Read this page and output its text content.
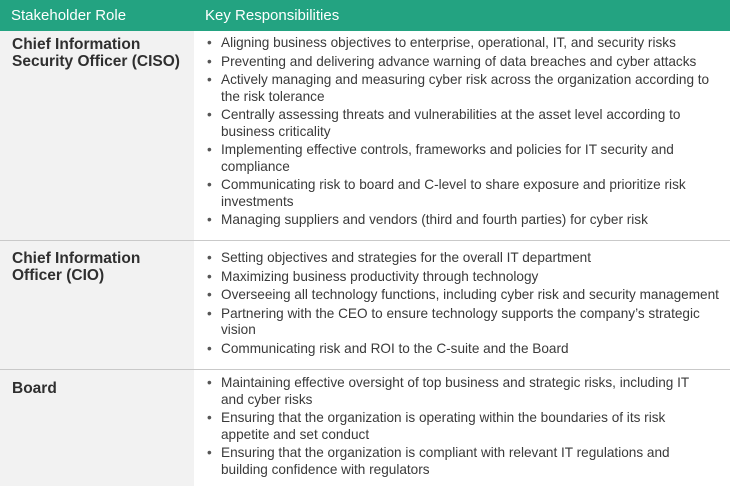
Stakeholder Role	Key Responsibilities
Chief Information
Security Officer (CISO)
• Aligning business objectives to enterprise, operational, IT, and security risks
• Preventing and delivering advance warning of data breaches and cyber attacks
• Actively managing and measuring cyber risk across the organization according to
the risk tolerance
• Centrally assessing threats and vulnerabilities at the asset level according to
business criticality
• Implementing effective controls, frameworks and policies for IT security and
compliance
• Communicating risk to board and C-level to share exposure and prioritize risk
investments
• Managing suppliers and vendors (third and fourth parties) for cyber risk
Chief Information
Officer (CIO)
• Setting objectives and strategies for the overall IT department
• Maximizing business productivity through technology
• Overseeing all technology functions, including cyber risk and security management
• Partnering with the CEO to ensure technology supports the company’s strategic
vision
• Communicating risk and ROI to the C-suite and the Board
Board
•	Maintaining effective oversight of top business and strategic risks, including IT
and cyber risks
• Ensuring that the organization is operating within the boundaries of its risk
appetite and set conduct
• Ensuring that the organization is compliant with relevant IT regulations and
building confidence with regulators
